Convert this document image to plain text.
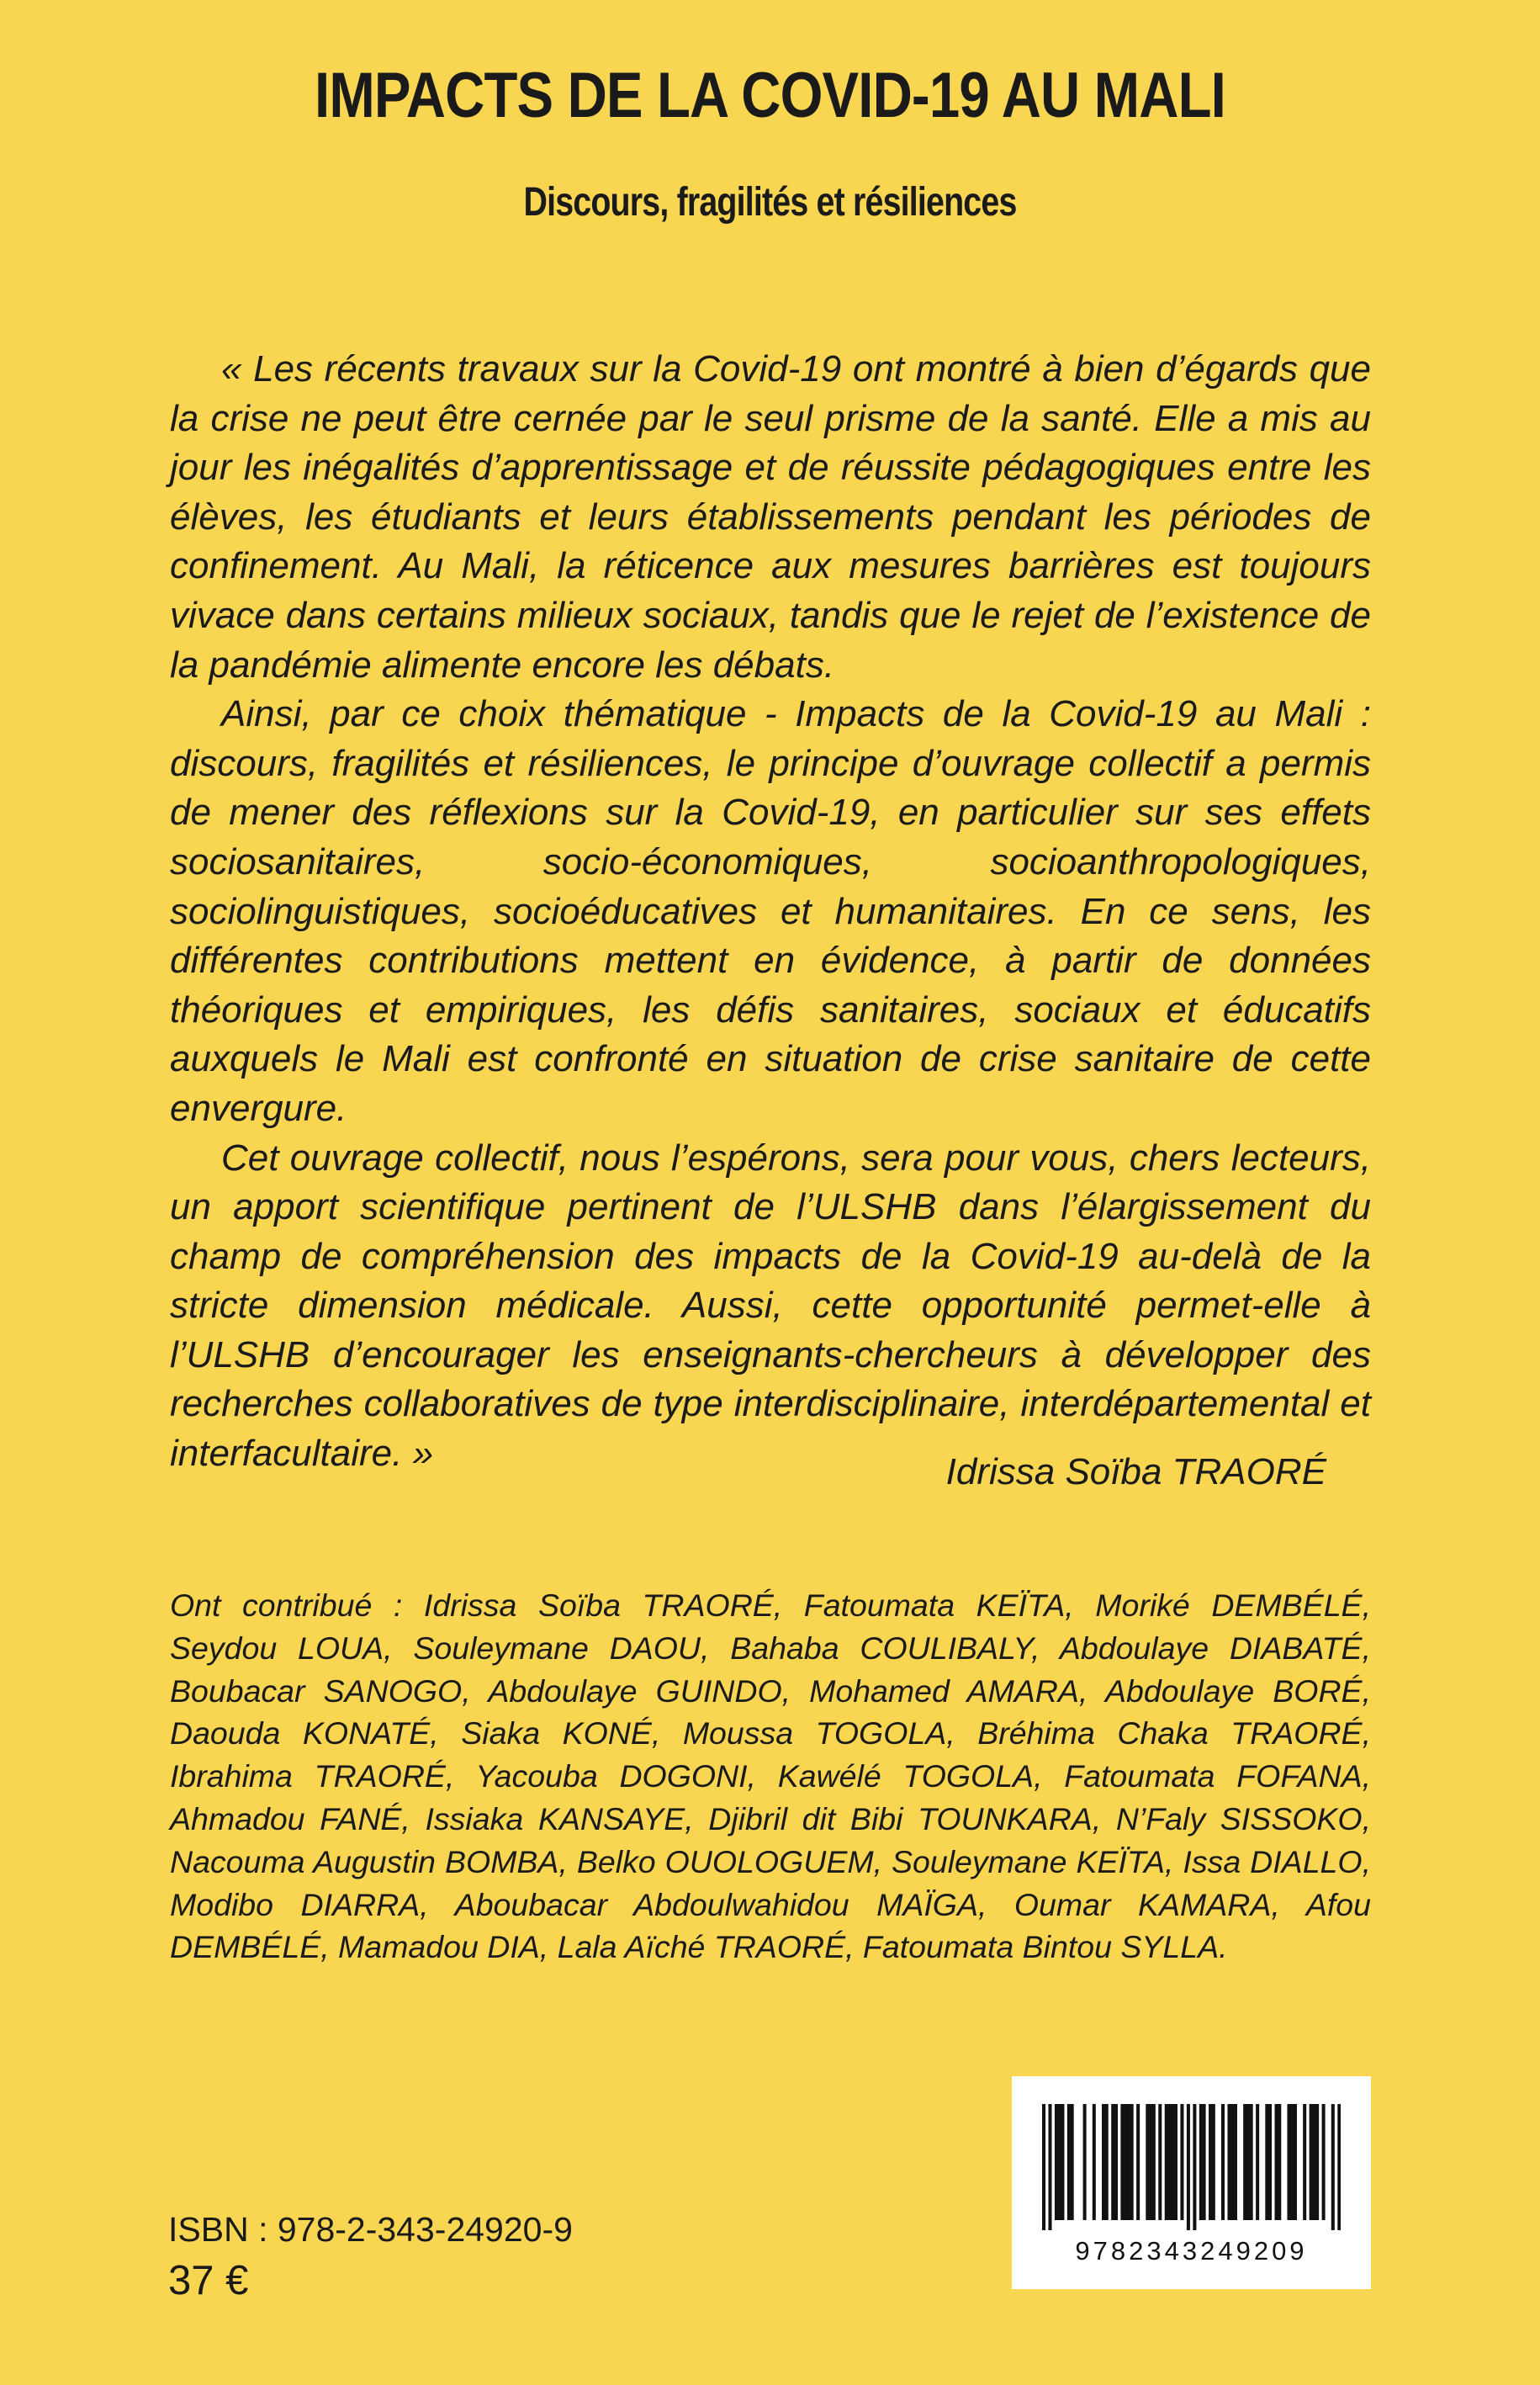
IMPACTS DE LA COVID-19 AU MALI
Discours, fragilités et résiliences

« Les récents travaux sur la Covid-19 ont montré à bien d’égards que la crise ne peut être cernée par le seul prisme de la santé. Elle a mis au jour les inégalités d’apprentissage et de réussite pédagogiques entre les élèves, les étudiants et leurs établissements pendant les périodes de confinement. Au Mali, la réticence aux mesures barrières est toujours vivace dans certains milieux sociaux, tandis que le rejet de l’existence de la pandémie alimente encore les débats.

Ainsi, par ce choix thématique - Impacts de la Covid-19 au Mali : discours, fragilités et résiliences, le principe d’ouvrage collectif a permis de mener des réflexions sur la Covid-19, en particulier sur ses effets sociosanitaires, socio-économiques, socioanthropologiques, sociolinguistiques, socioéducatives et humanitaires. En ce sens, les différentes contributions mettent en évidence, à partir de données théoriques et empiriques, les défis sanitaires, sociaux et éducatifs auxquels le Mali est confronté en situation de crise sanitaire de cette envergure.

Cet ouvrage collectif, nous l’espérons, sera pour vous, chers lecteurs, un apport scientifique pertinent de l’ULSHB dans l’élargissement du champ de compréhension des impacts de la Covid-19 au-delà de la stricte dimension médicale. Aussi, cette opportunité permet-elle à l’ULSHB d’encourager les enseignants-chercheurs à développer des recherches collaboratives de type interdisciplinaire, interdépartemental et interfacultaire. »	Idrissa Soïba TRAORÉ

Ont contribué : Idrissa Soïba TRAORÉ, Fatoumata KEÏTA, Moriké DEMBÉLÉ, Seydou LOUA, Souleymane DAOU, Bahaba COULIBALY, Abdoulaye DIABATÉ, Boubacar SANOGO, Abdoulaye GUINDO, Mohamed AMARA, Abdoulaye BORÉ, Daouda KONATÉ, Siaka KONÉ, Moussa TOGOLA, Bréhima Chaka TRAORÉ, Ibrahima TRAORÉ, Yacouba DOGONI, Kawélé TOGOLA, Fatoumata FOFANA, Ahmadou FANÉ, Issiaka KANSAYE, Djibril dit Bibi TOUNKARA, N’Faly SISSOKO, Nacouma Augustin BOMBA, Belko OUOLOGUEM, Souleymane KEÏTA, Issa DIALLO, Modibo DIARRA, Aboubacar Abdoulwahidou MAÏGA, Oumar KAMARA, Afou DEMBÉLÉ, Mamadou DIA, Lala Aïché TRAORÉ, Fatoumata Bintou SYLLA.

ISBN : 978-2-343-24920-9

37 €

9782343249209
